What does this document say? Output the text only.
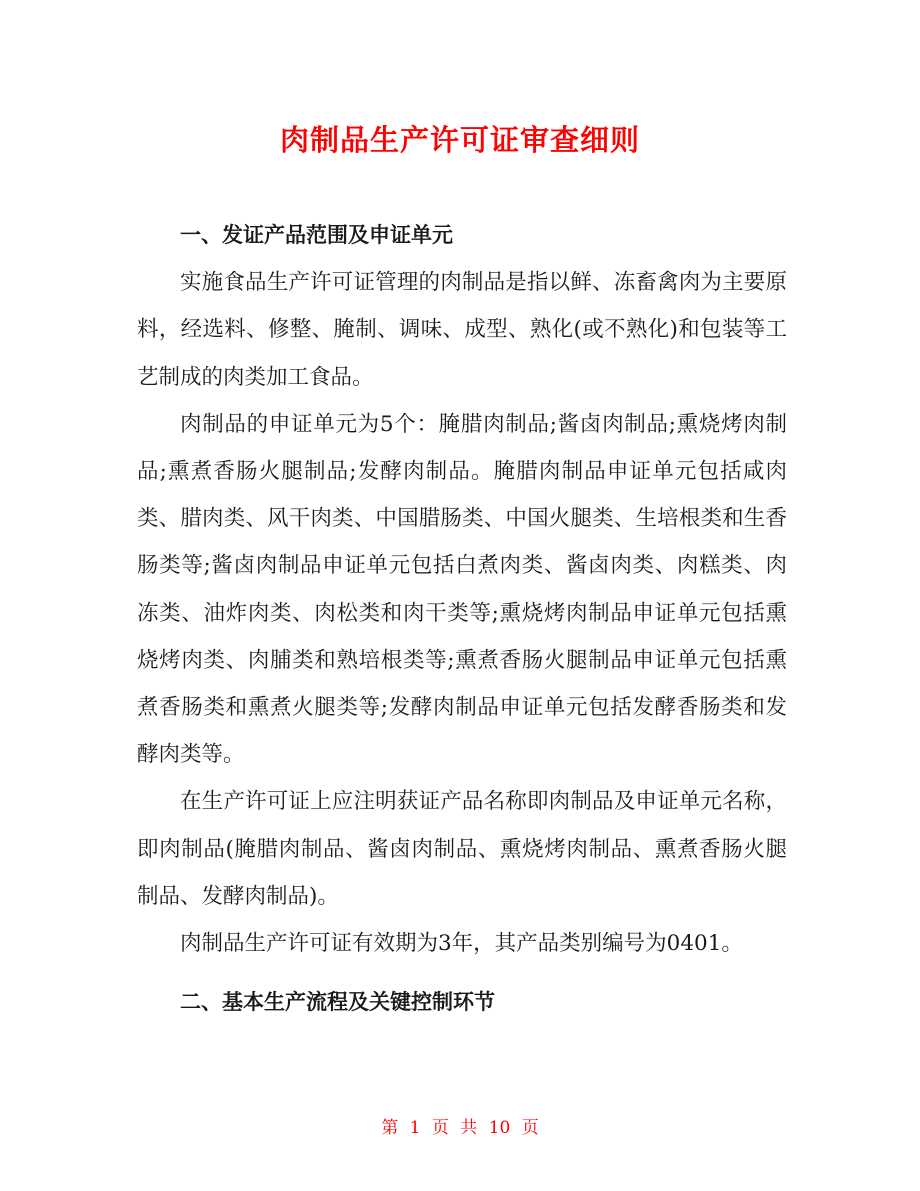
肉制品生产许可证审查细则

一、发证产品范围及申证单元

实施食品生产许可证管理的肉制品是指以鲜、冻畜禽肉为主要原料，经选料、修整、腌制、调味、成型、熟化(或不熟化)和包装等工艺制成的肉类加工食品。

肉制品的申证单元为5个：腌腊肉制品;酱卤肉制品;熏烧烤肉制品;熏煮香肠火腿制品;发酵肉制品。腌腊肉制品申证单元包括咸肉类、腊肉类、风干肉类、中国腊肠类、中国火腿类、生培根类和生香肠类等;酱卤肉制品申证单元包括白煮肉类、酱卤肉类、肉糕类、肉冻类、油炸肉类、肉松类和肉干类等;熏烧烤肉制品申证单元包括熏烧烤肉类、肉脯类和熟培根类等;熏煮香肠火腿制品申证单元包括熏煮香肠类和熏煮火腿类等;发酵肉制品申证单元包括发酵香肠类和发酵肉类等。

在生产许可证上应注明获证产品名称即肉制品及申证单元名称，即肉制品(腌腊肉制品、酱卤肉制品、熏烧烤肉制品、熏煮香肠火腿制品、发酵肉制品)。

肉制品生产许可证有效期为3年，其产品类别编号为0401。

二、基本生产流程及关键控制环节

第 1 页 共 10 页
